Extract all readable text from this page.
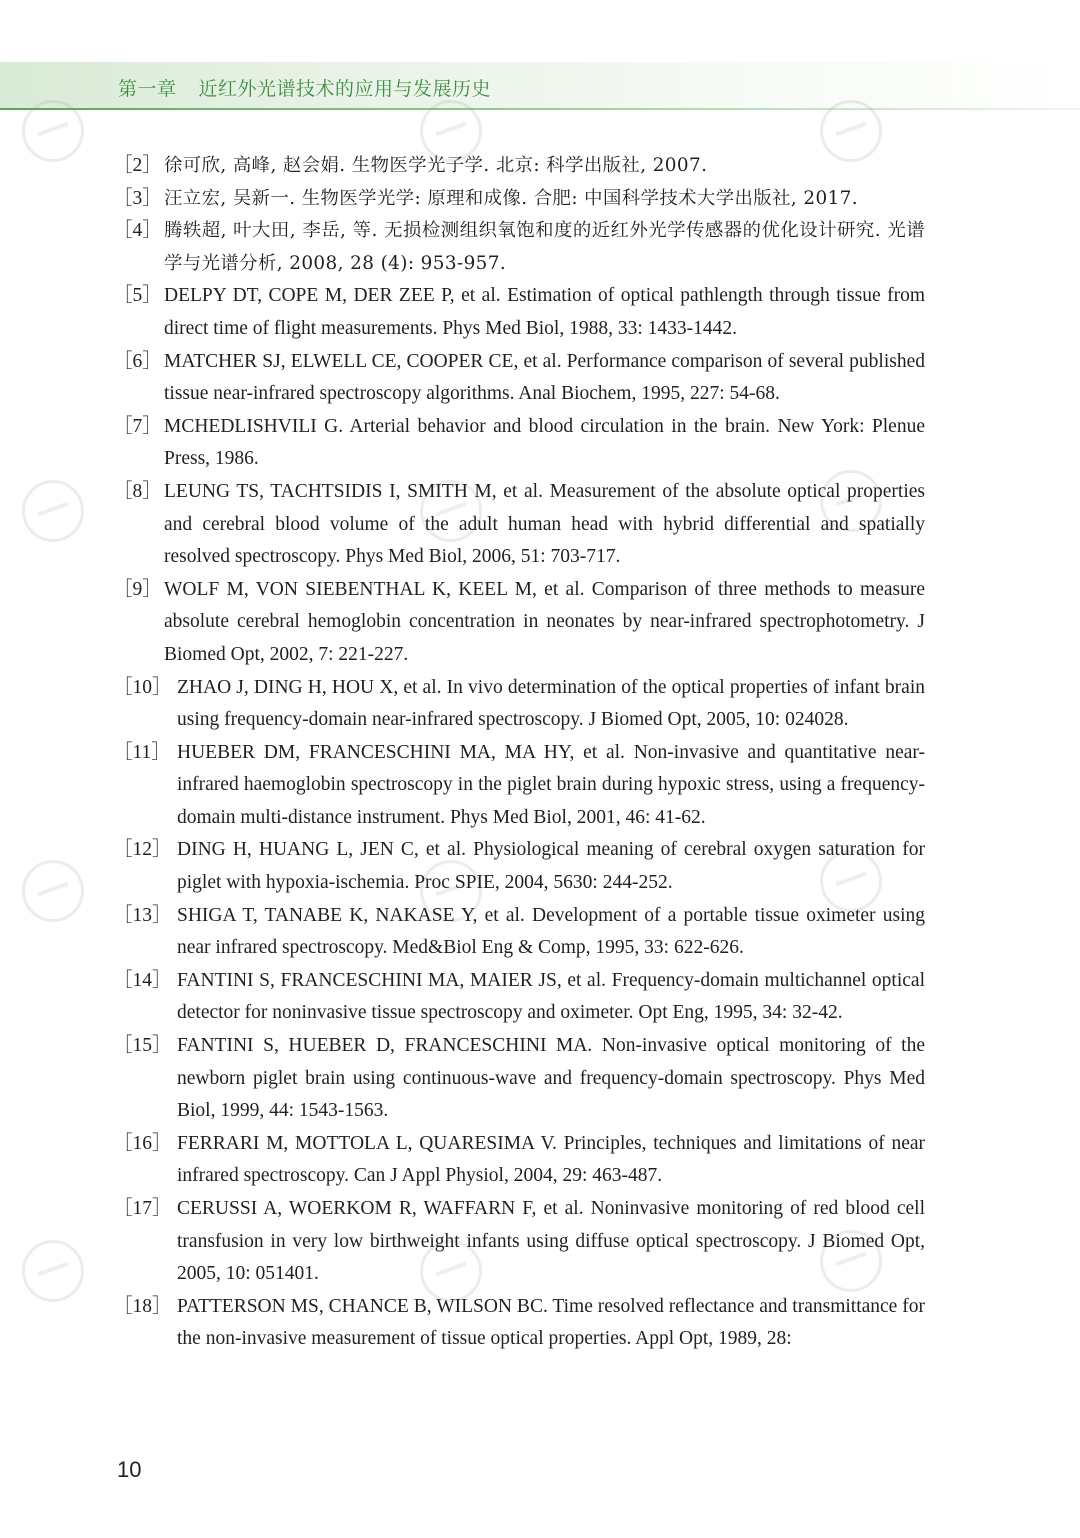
第一章 近红外光谱技术的应用与发展历史
［2］ 徐可欣, 高峰, 赵会娟. 生物医学光子学. 北京: 科学出版社, 2007.
［3］ 汪立宏, 吴新一. 生物医学光学: 原理和成像. 合肥: 中国科学技术大学出版社, 2017.
［4］ 腾轶超, 叶大田, 李岳, 等. 无损检测组织氧饱和度的近红外光学传感器的优化设计研究. 光谱学与光谱分析, 2008, 28 (4): 953-957.
［5］ DELPY DT, COPE M, DER ZEE P, et al. Estimation of optical pathlength through tissue from direct time of flight measurements. Phys Med Biol, 1988, 33: 1433-1442.
［6］ MATCHER SJ, ELWELL CE, COOPER CE, et al. Performance comparison of several published tissue near-infrared spectroscopy algorithms. Anal Biochem, 1995, 227: 54-68.
［7］ MCHEDLISHVILI G. Arterial behavior and blood circulation in the brain. New York: Plenue Press, 1986.
［8］ LEUNG TS, TACHTSIDIS I, SMITH M, et al. Measurement of the absolute optical properties and cerebral blood volume of the adult human head with hybrid differential and spatially resolved spectroscopy. Phys Med Biol, 2006, 51: 703-717.
［9］ WOLF M, VON SIEBENTHAL K, KEEL M, et al. Comparison of three methods to measure absolute cerebral hemoglobin concentration in neonates by near-infrared spectrophotometry. J Biomed Opt, 2002, 7: 221-227.
［10］ ZHAO J, DING H, HOU X, et al. In vivo determination of the optical properties of infant brain using frequency-domain near-infrared spectroscopy. J Biomed Opt, 2005, 10: 024028.
［11］ HUEBER DM, FRANCESCHINI MA, MA HY, et al. Non-invasive and quantitative near-infrared haemoglobin spectroscopy in the piglet brain during hypoxic stress, using a frequency-domain multi-distance instrument. Phys Med Biol, 2001, 46: 41-62.
［12］ DING H, HUANG L, JEN C, et al. Physiological meaning of cerebral oxygen saturation for piglet with hypoxia-ischemia. Proc SPIE, 2004, 5630: 244-252.
［13］ SHIGA T, TANABE K, NAKASE Y, et al. Development of a portable tissue oximeter using near infrared spectroscopy. Med&Biol Eng & Comp, 1995, 33: 622-626.
［14］ FANTINI S, FRANCESCHINI MA, MAIER JS, et al. Frequency-domain multichannel optical detector for noninvasive tissue spectroscopy and oximeter. Opt Eng, 1995, 34: 32-42.
［15］ FANTINI S, HUEBER D, FRANCESCHINI MA. Non-invasive optical monitoring of the newborn piglet brain using continuous-wave and frequency-domain spectroscopy. Phys Med Biol, 1999, 44: 1543-1563.
［16］ FERRARI M, MOTTOLA L, QUARESIMA V. Principles, techniques and limitations of near infrared spectroscopy. Can J Appl Physiol, 2004, 29: 463-487.
［17］ CERUSSI A, WOERKOM R, WAFFARN F, et al. Noninvasive monitoring of red blood cell transfusion in very low birthweight infants using diffuse optical spectroscopy. J Biomed Opt, 2005, 10: 051401.
［18］ PATTERSON MS, CHANCE B, WILSON BC. Time resolved reflectance and transmittance for the non-invasive measurement of tissue optical properties. Appl Opt, 1989, 28:
10
